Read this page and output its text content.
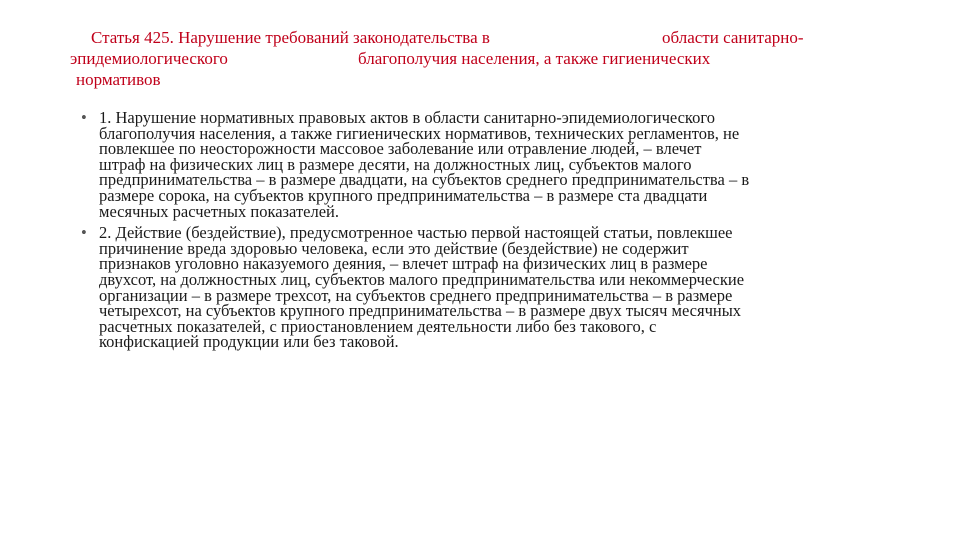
Статья 425. Нарушение требований законодательства в	области санитарно-
эпидемиологического	благополучия населения, а также гигиенических
нормативов
• 1. Нарушение нормативных правовых актов в области санитарно-эпидемиологического
благополучия населения, а также гигиенических нормативов, технических регламентов, не
повлекшее по неосторожности массовое заболевание или отравление людей, – влечет
штраф на физических лиц в размере десяти, на должностных лиц, субъектов малого
предпринимательства – в размере двадцати, на субъектов среднего предпринимательства – в
размере сорока, на субъектов крупного предпринимательства – в размере ста двадцати
месячных расчетных показателей.
• 2. Действие (бездействие), предусмотренное частью первой настоящей статьи, повлекшее
причинение вреда здоровью человека, если это действие (бездействие) не содержит
признаков уголовно наказуемого деяния, – влечет штраф на физических лиц в размере
двухсот, на должностных лиц, субъектов малого предпринимательства или некоммерческие
организации – в размере трехсот, на субъектов среднего предпринимательства – в размере
четырехсот, на субъектов крупного предпринимательства – в размере двух тысяч месячных
расчетных показателей, с приостановлением деятельности либо без такового, с
конфискацией продукции или без таковой.
